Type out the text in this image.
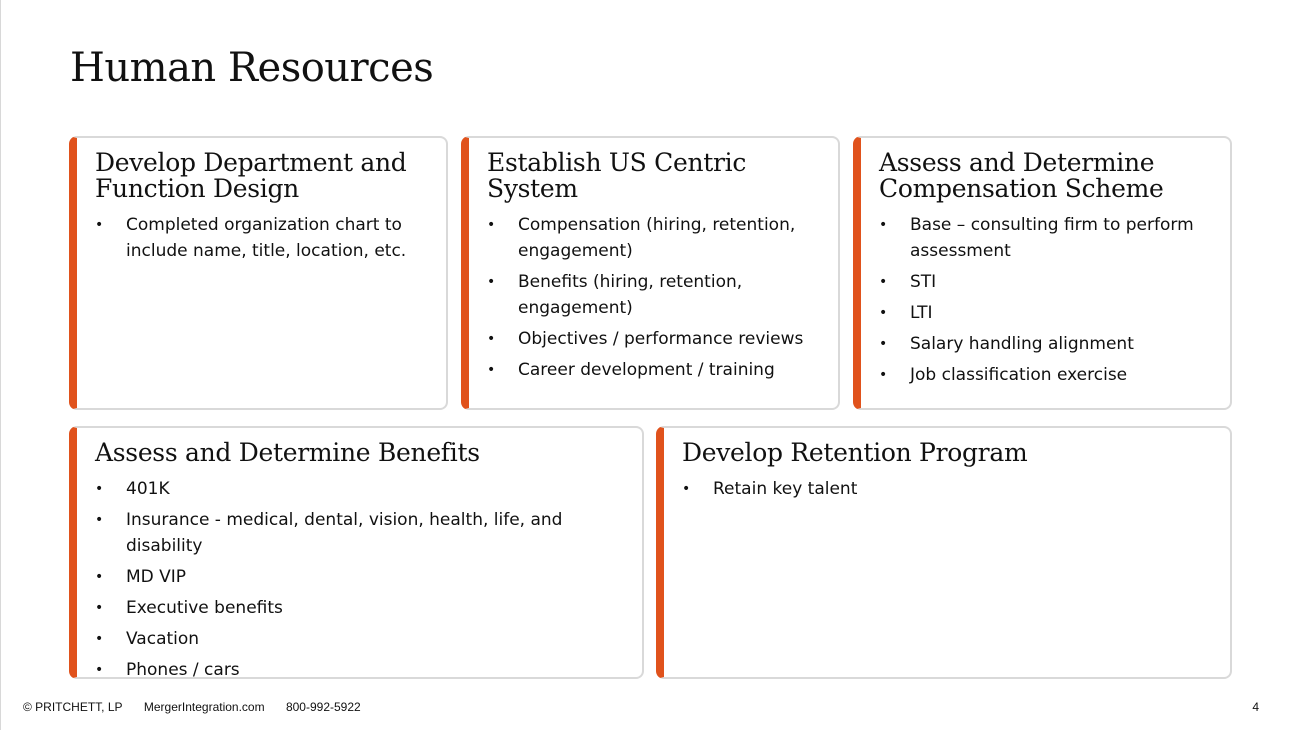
Human Resources
Develop Department and Function Design
• Completed organization chart to include name, title, location, etc.
Establish US Centric System
• Compensation (hiring, retention, engagement)
• Benefits (hiring, retention, engagement)
• Objectives / performance reviews
• Career development / training
Assess and Determine Compensation Scheme
• Base – consulting firm to perform assessment
• STI
• LTI
• Salary handling alignment
• Job classification exercise
Assess and Determine Benefits
• 401K
• Insurance - medical, dental, vision, health, life, and disability
• MD VIP
• Executive benefits
• Vacation
• Phones / cars
Develop Retention Program
• Retain key talent
© PRITCHETT, LP MergerIntegration.com 800-992-5922	4
